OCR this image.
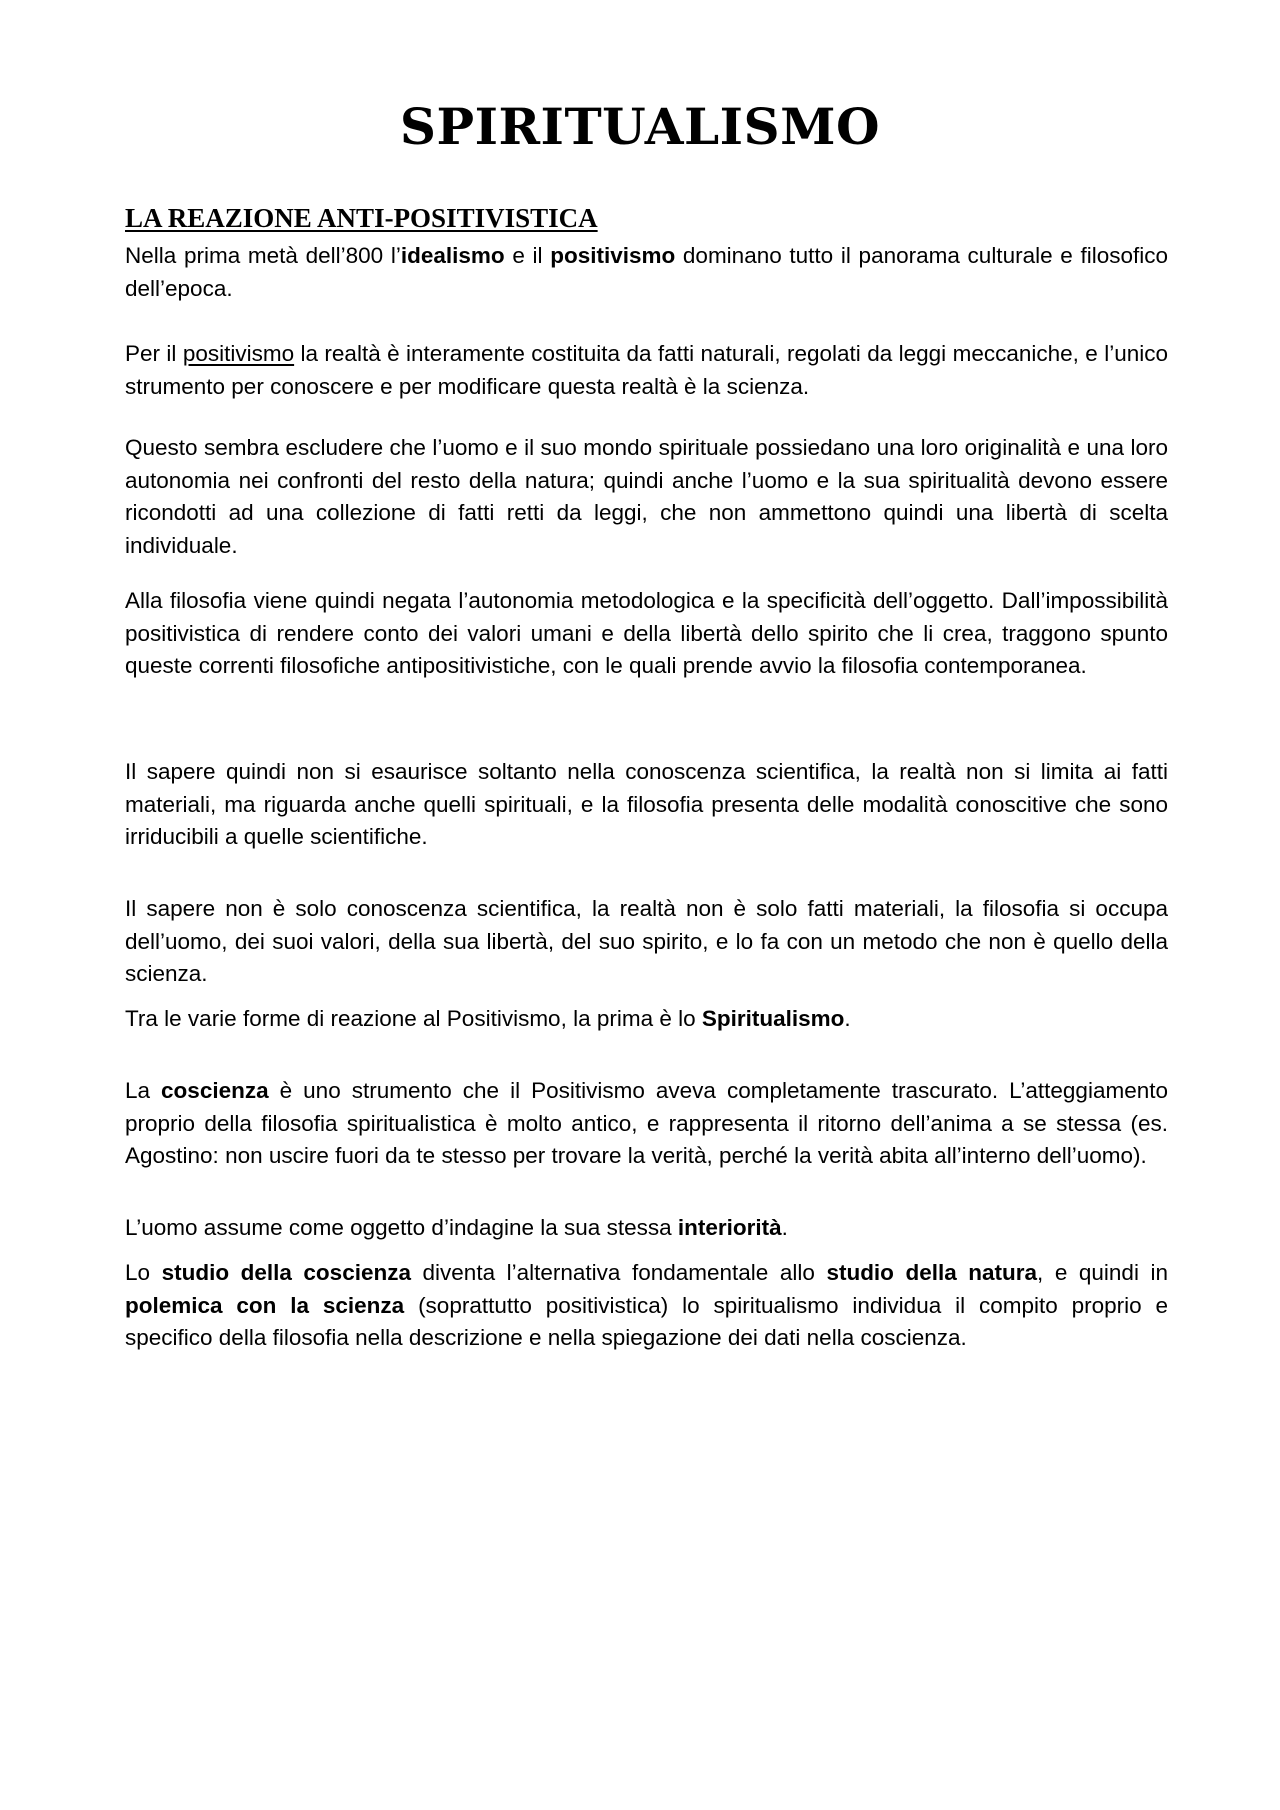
SPIRITUALISMO
LA REAZIONE ANTI-POSITIVISTICA

Nella prima metà dell’800 l’idealismo e il positivismo dominano tutto il panorama culturale e filosofico dell’epoca.

Per il positivismo la realtà è interamente costituita da fatti naturali, regolati da leggi meccaniche, e l’unico strumento per conoscere e per modificare questa realtà è la scienza.

Questo sembra escludere che l’uomo e il suo mondo spirituale possiedano una loro originalità e una loro autonomia nei confronti del resto della natura; quindi anche l’uomo e la sua spiritualità devono essere ricondotti ad una collezione di fatti retti da leggi, che non ammettono quindi una libertà di scelta individuale.

Alla filosofia viene quindi negata l’autonomia metodologica e la specificità dell’oggetto. Dall’impossibilità positivistica di rendere conto dei valori umani e della libertà dello spirito che li crea, traggono spunto queste correnti filosofiche antipositivistiche, con le quali prende avvio la filosofia contemporanea.

Il sapere quindi non si esaurisce soltanto nella conoscenza scientifica, la realtà non si limita ai fatti materiali, ma riguarda anche quelli spirituali, e la filosofia presenta delle modalità conoscitive che sono irriducibili a quelle scientifiche.

Il sapere non è solo conoscenza scientifica, la realtà non è solo fatti materiali, la filosofia si occupa dell’uomo, dei suoi valori, della sua libertà, del suo spirito, e lo fa con un metodo che non è quello della scienza.

Tra le varie forme di reazione al Positivismo, la prima è lo Spiritualismo.

La coscienza è uno strumento che il Positivismo aveva completamente trascurato. L’atteggiamento proprio della filosofia spiritualistica è molto antico, e rappresenta il ritorno dell’anima a se stessa (es. Agostino: non uscire fuori da te stesso per trovare la verità, perché la verità abita all’interno dell’uomo).

L’uomo assume come oggetto d’indagine la sua stessa interiorità.

Lo studio della coscienza diventa l’alternativa fondamentale allo studio della natura, e quindi in polemica con la scienza (soprattutto positivistica) lo spiritualismo individua il compito proprio e specifico della filosofia nella descrizione e nella spiegazione dei dati nella coscienza.
